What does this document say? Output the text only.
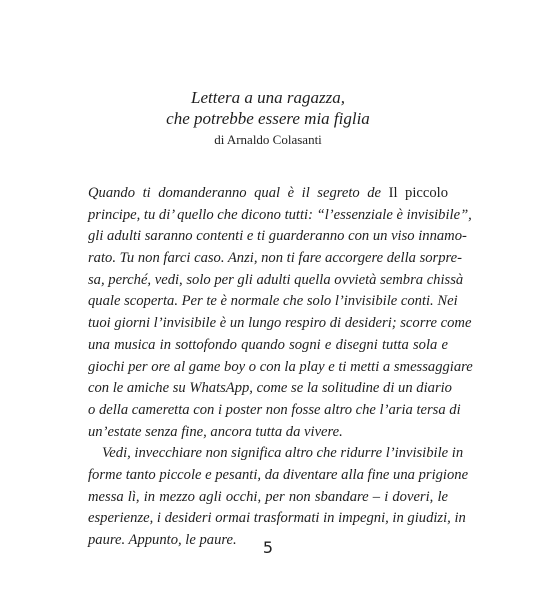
Lettera a una ragazza,
che potrebbe essere mia figlia
di Arnaldo Colasanti
Quando ti domanderanno qual è il segreto de Il piccolo
principe, tu di’ quello che dicono tutti: “l’essenziale è invisibile”,
gli adulti saranno contenti e ti guarderanno con un viso innamo-
rato. Tu non farci caso. Anzi, non ti fare accorgere della sorpre-
sa, perché, vedi, solo per gli adulti quella ovvietà sembra chissà
quale scoperta. Per te è normale che solo l’invisibile conti. Nei
tuoi giorni l’invisibile è un lungo respiro di desideri; scorre come
una musica in sottofondo quando sogni e disegni tutta sola e
giochi per ore al game boy o con la play e ti metti a smessaggiare
con le amiche su WhatsApp, come se la solitudine di un diario
o della cameretta con i poster non fosse altro che l’aria tersa di
un’estate senza fine, ancora tutta da vivere.
Vedi, invecchiare non significa altro che ridurre l’invisibile in
forme tanto piccole e pesanti, da diventare alla fine una prigione
messa lì, in mezzo agli occhi, per non sbandare – i doveri, le
esperienze, i desideri ormai trasformati in impegni, in giudizi, in
paure. Appunto, le paure.	5
